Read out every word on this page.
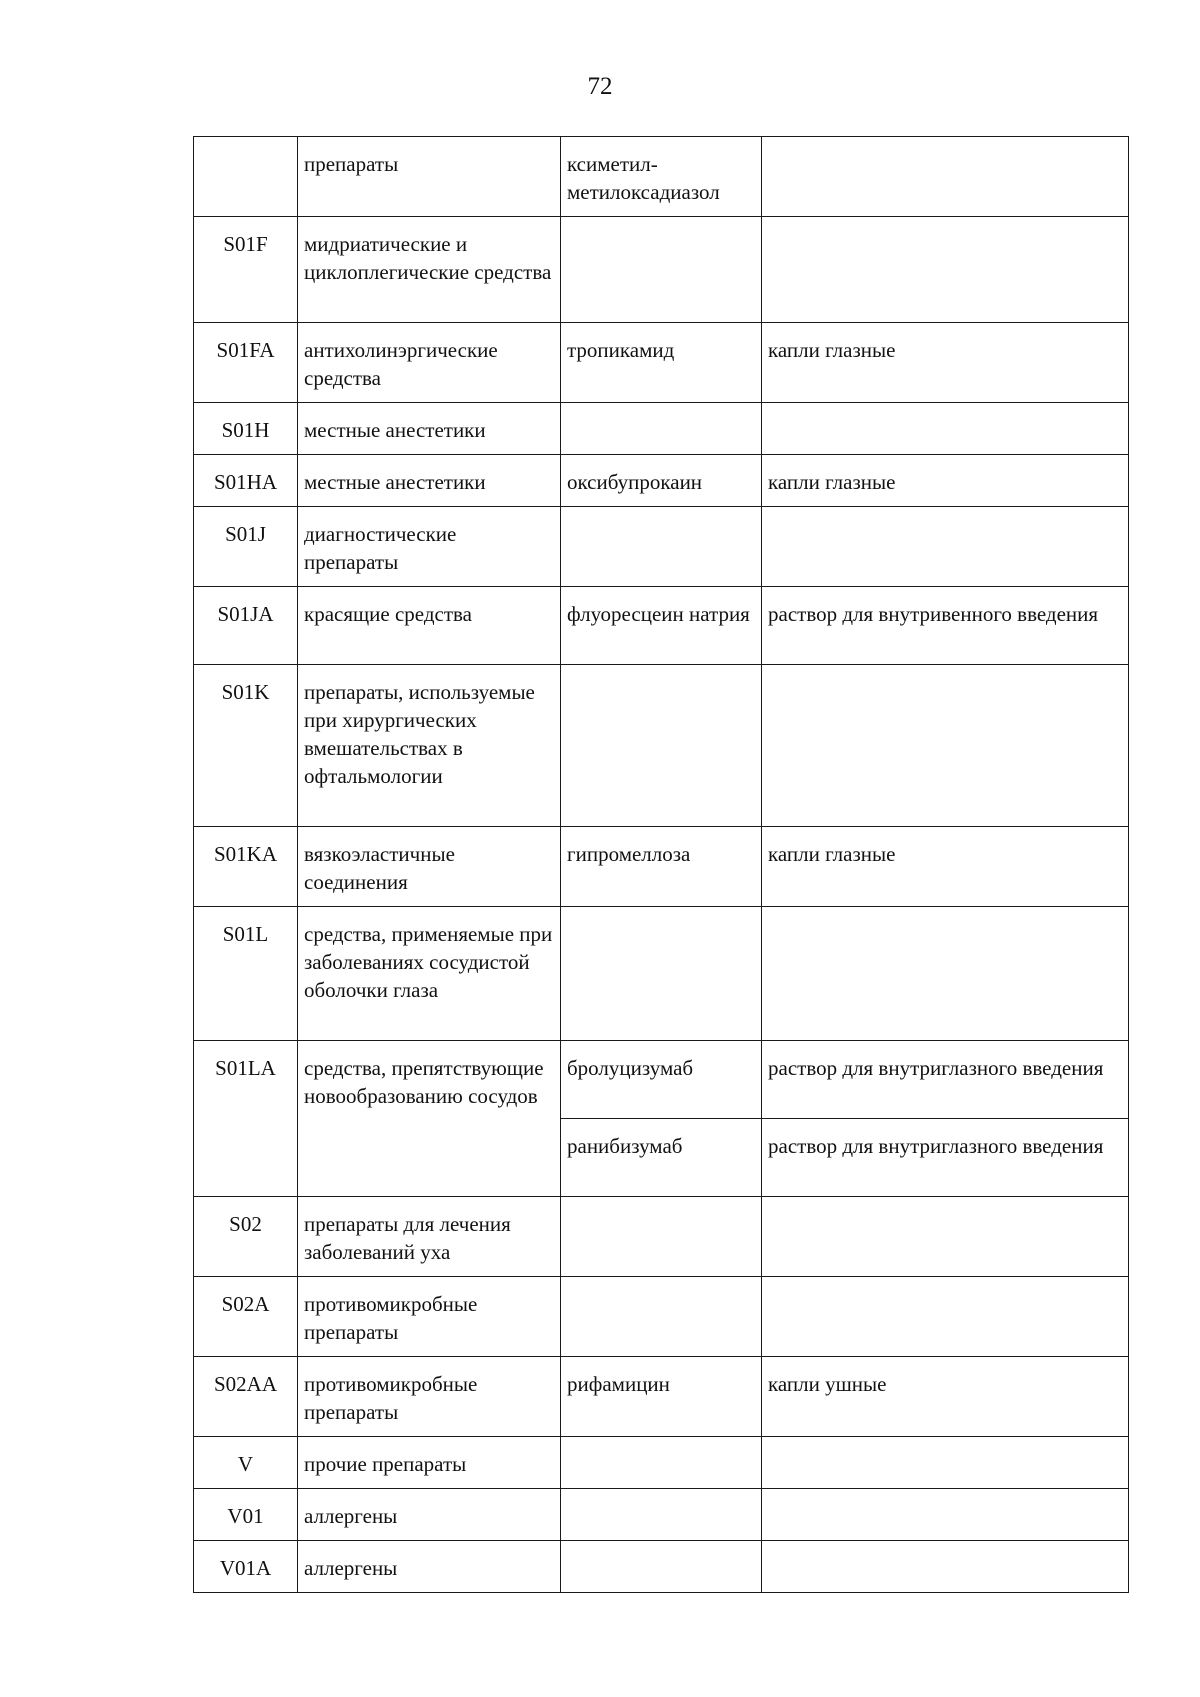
72
	препараты	ксиметил-
метилоксадиазол	
S01F	мидриатические и циклоплегические средства		
S01FA	антихолинэргические средства	тропикамид	капли глазные
S01H	местные анестетики		
S01HA	местные анестетики	оксибупрокаин	капли глазные
S01J	диагностические препараты		
S01JA	красящие средства	флуоресцеин натрия	раствор для внутривенного введения
S01K	препараты, используемые при хирургических вмешательствах в офтальмологии		
S01KA	вязкоэластичные соединения	гипромеллоза	капли глазные
S01L	средства, применяемые при заболеваниях сосудистой оболочки глаза		
S01LA	средства, препятствующие новообразованию сосудов	бролуцизумаб	раствор для внутриглазного введения
		ранибизумаб	раствор для внутриглазного введения
S02	препараты для лечения заболеваний уха		
S02A	противомикробные препараты		
S02AA	противомикробные препараты	рифамицин	капли ушные
V	прочие препараты		
V01	аллергены		
V01A	аллергены		
